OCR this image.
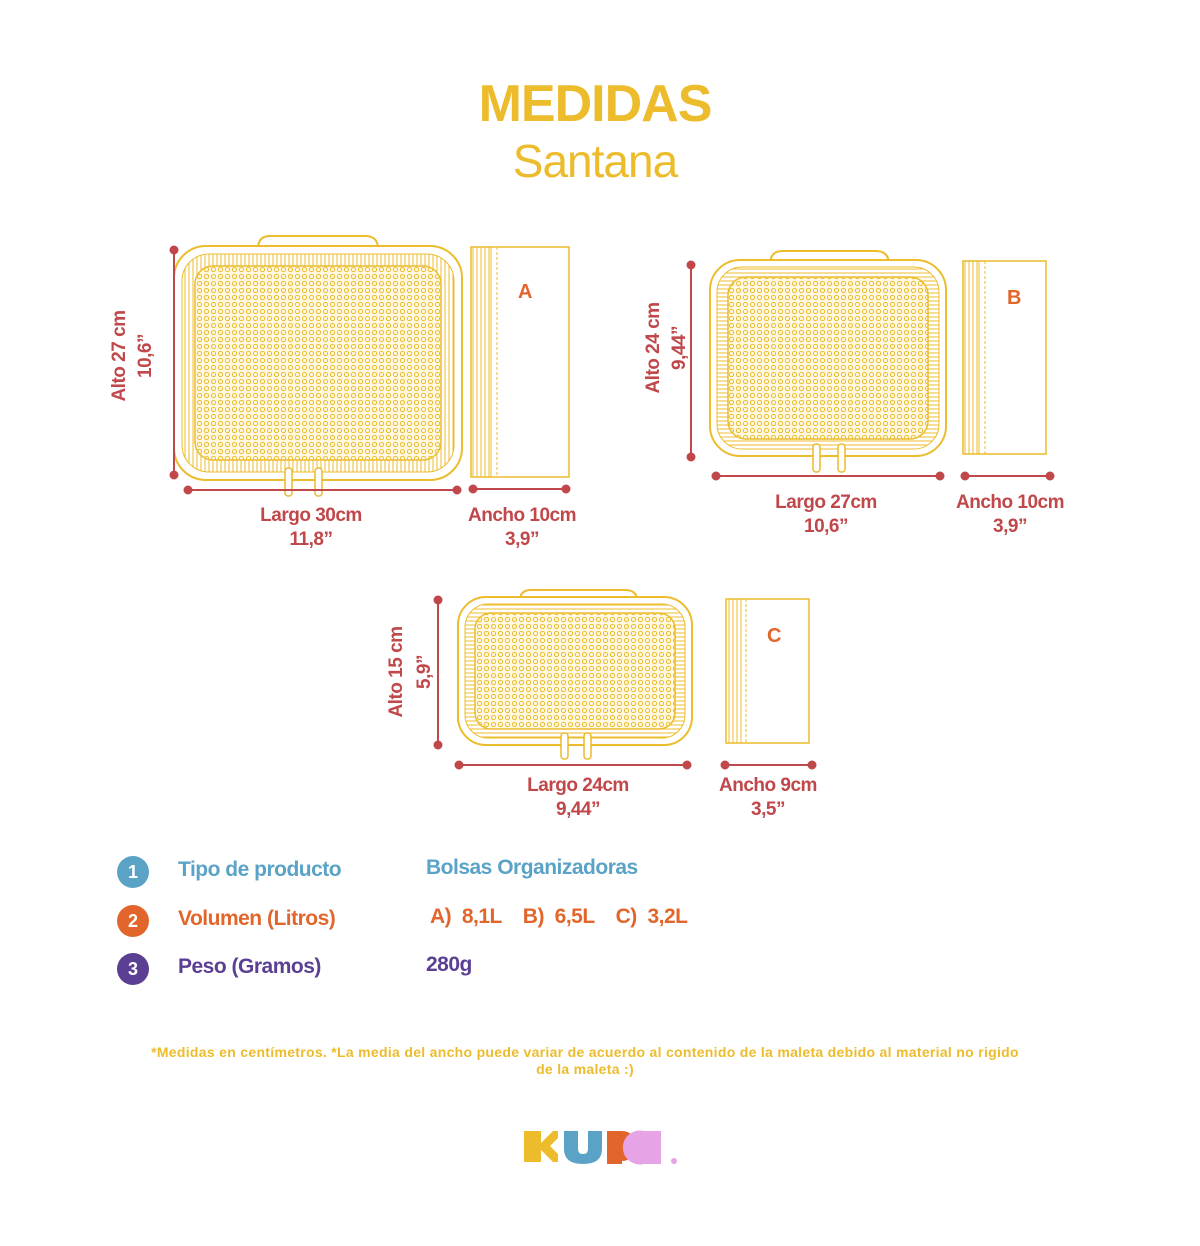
MEDIDAS
Santana
A
Alto 27 cm 10,6”
Largo 30cm
11,8”
Ancho 10cm
3,9”
B
Alto 24 cm 9,44”
Largo 27cm
10,6”
Ancho 10cm
3,9”
C
Alto 15 cm 5,9”
Largo 24cm
9,44”
Ancho 9cm
3,5”
1	Tipo de producto	Bolsas Organizadoras
2	Volumen (Litros)	A)  8,1L    B)  6,5L    C)  3,2L
3	Peso (Gramos)	280g
*Medidas en centímetros. *La media del ancho puede variar de acuerdo al contenido de la maleta debido al material no rigido
de la maleta :)
